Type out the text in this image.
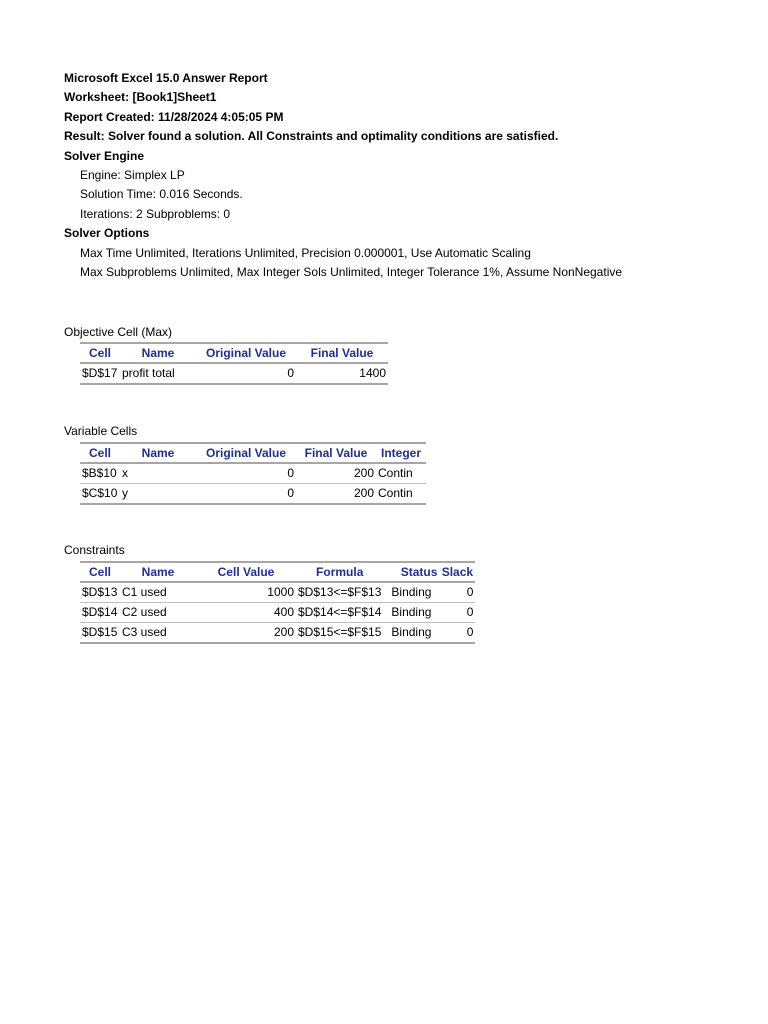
Microsoft Excel 15.0 Answer Report
Worksheet: [Book1]Sheet1
Report Created: 11/28/2024 4:05:05 PM
Result: Solver found a solution. All Constraints and optimality conditions are satisfied.
Solver Engine
Engine: Simplex LP
Solution Time: 0.016 Seconds.
Iterations: 2 Subproblems: 0
Solver Options
Max Time Unlimited, Iterations Unlimited, Precision 0.000001, Use Automatic Scaling
Max Subproblems Unlimited, Max Integer Sols Unlimited, Integer Tolerance 1%, Assume NonNegative
Objective Cell (Max)
Cell	Name	Original Value	Final Value
$D$17	profit total	0	1400
Variable Cells
Cell	Name	Original Value	Final Value	Integer
$B$10	x	0	200	Contin
$C$10	y	0	200	Contin
Constraints
Cell	Name	Cell Value	Formula	Status	Slack
$D$13	C1 used	1000	$D$13<=$F$13	Binding	0
$D$14	C2 used	400	$D$14<=$F$14	Binding	0
$D$15	C3 used	200	$D$15<=$F$15	Binding	0
